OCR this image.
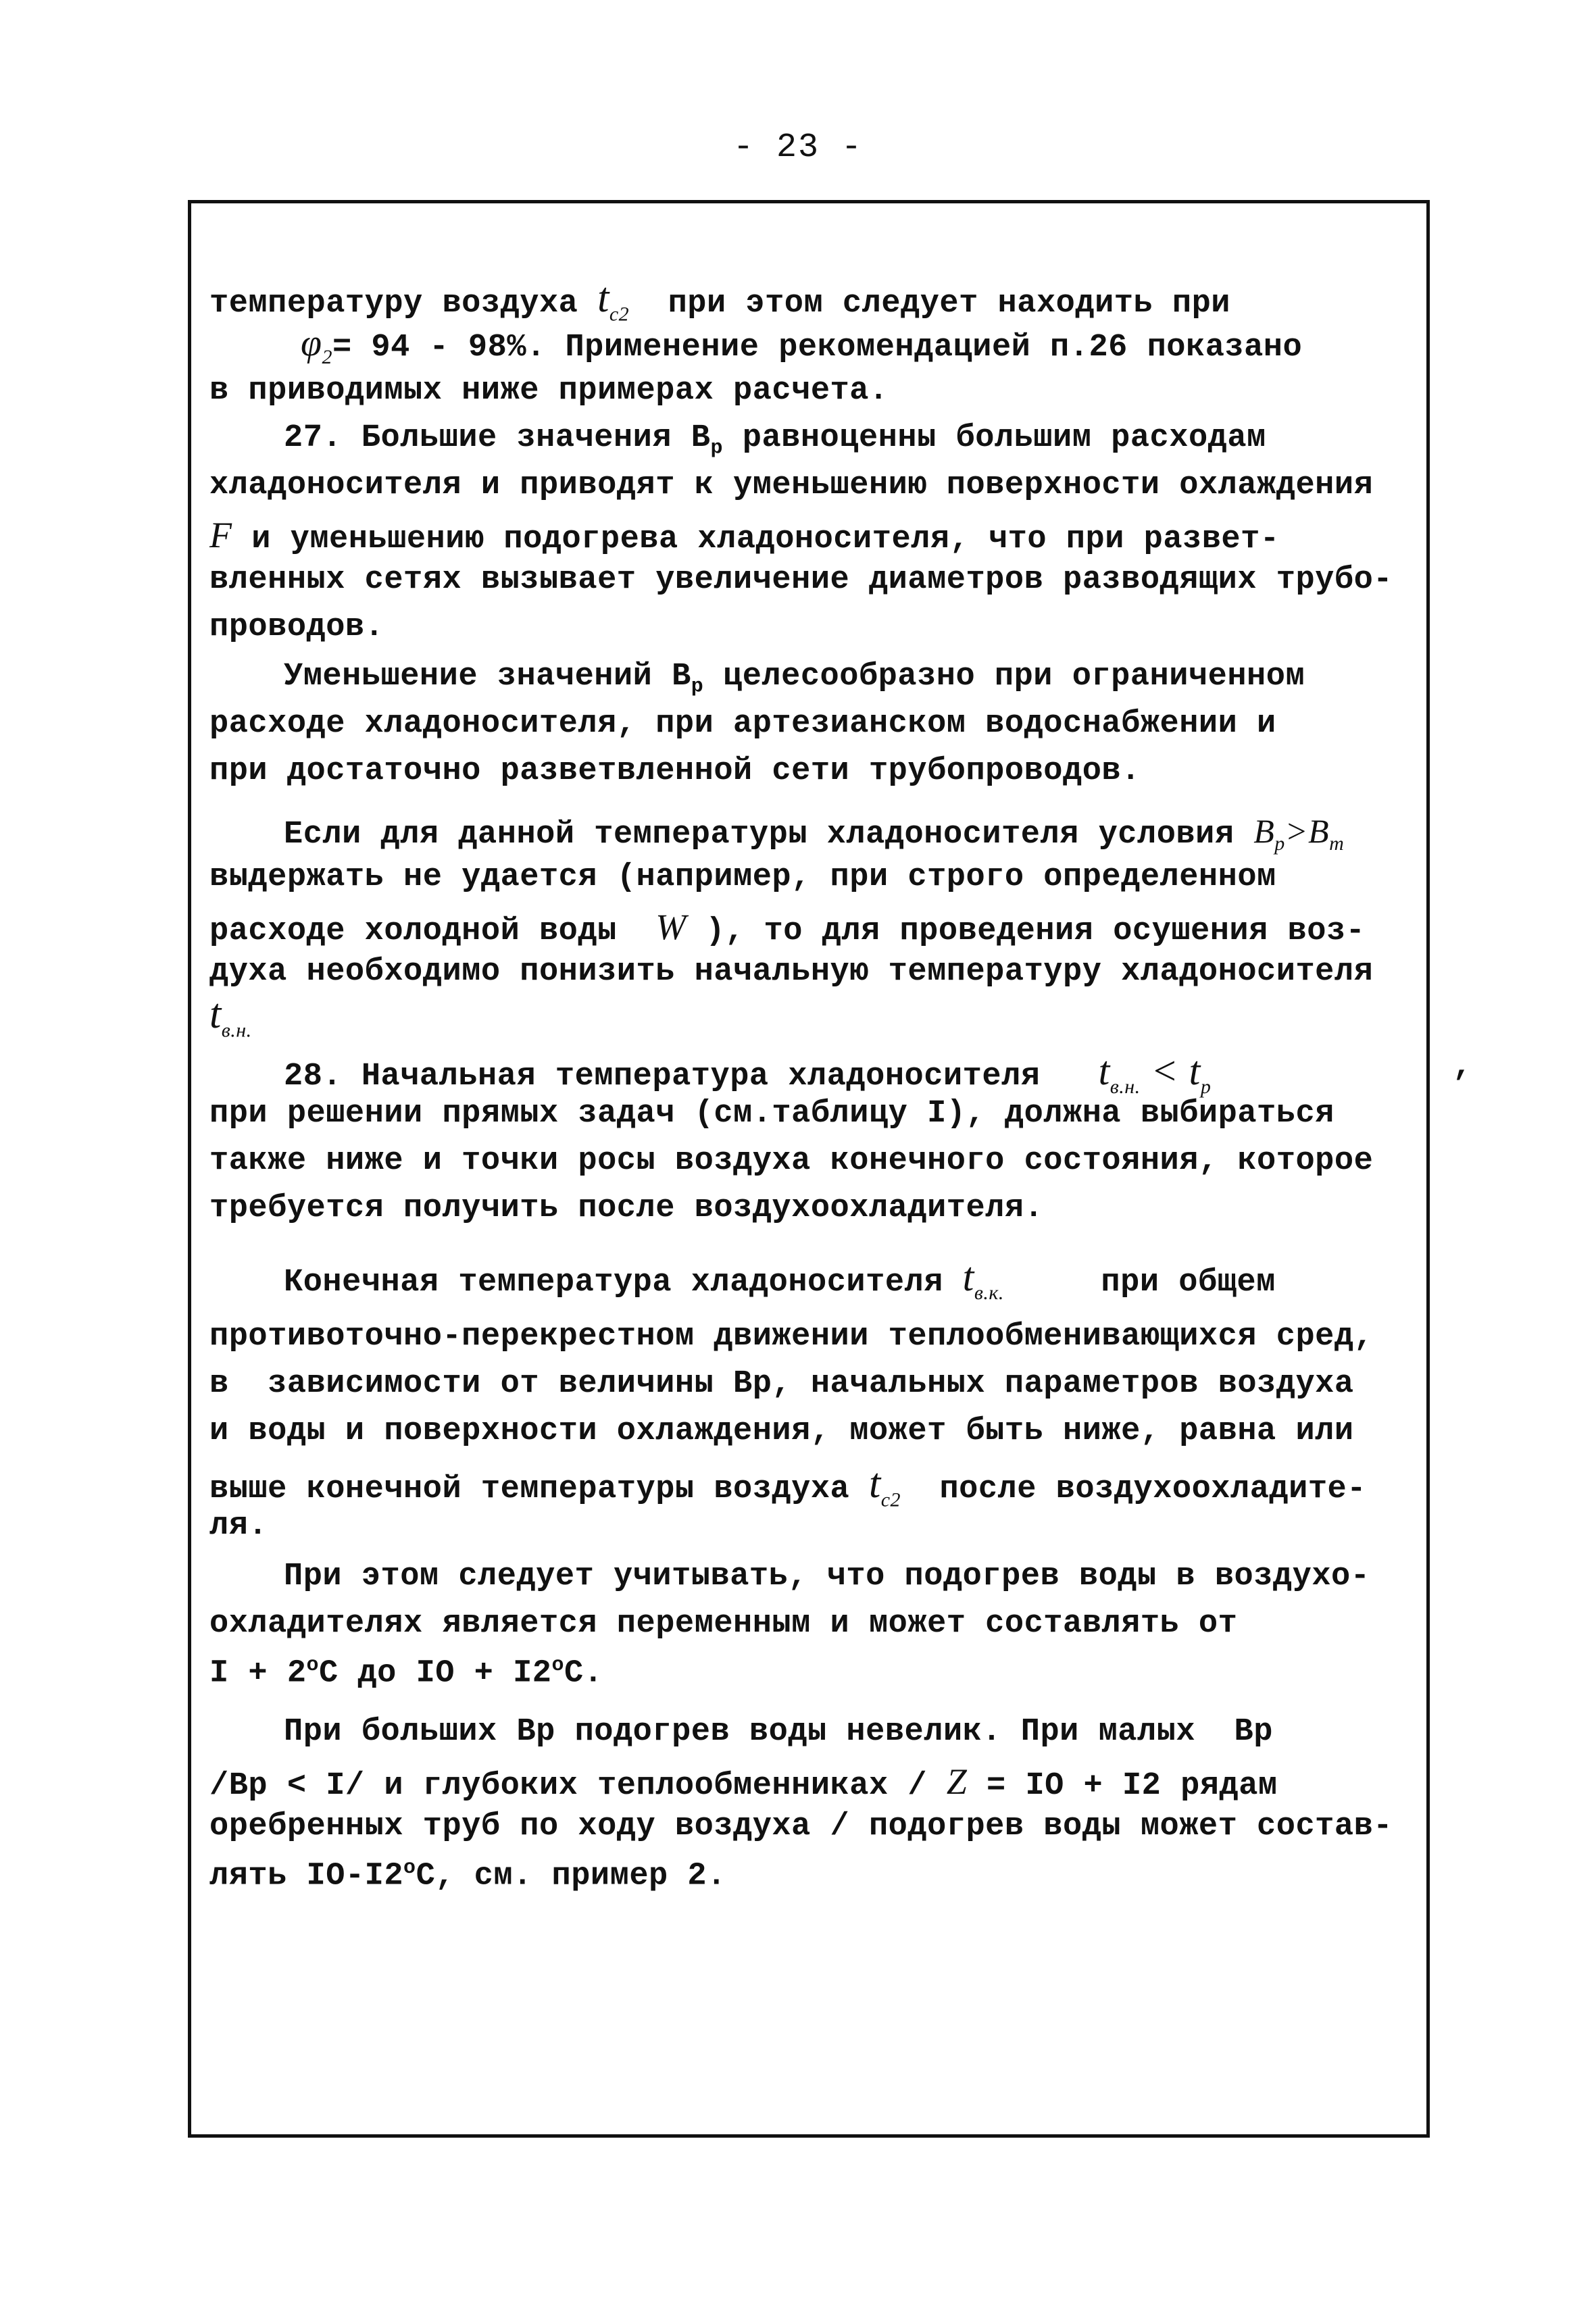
- 23 -
температуру воздуха $t_{c2}$  при этом следует находить при
$\varphi_2= 94 - 98\%$. Применение рекомендацией п.26 показано
в приводимых ниже примерах расчета.
27. Большие значения $В_р$ равноценны большим расходам
хладоносителя и приводят к уменьшению поверхности охлаждения
F и уменьшению подогрева хладоносителя, что при развет-
вленных сетях вызывает увеличение диаметров разводящих трубо-
проводов.
Уменьшение значений $В_р$ целесообразно при ограниченном
расходе хладоносителя, при артезианском водоснабжении и
при достаточно разветвленной сети трубопроводов.
Если для данной температуры хладоносителя условия $B_р>B_т$
выдержать не удается (например, при строго определенном
расходе холодной воды  W ), то для проведения осушения воз-
духа необходимо понизить начальную температуру хладоносителя
$t_{в.н.}$
28. Начальная температура хладоносителя   $t_{в.н.} < t_р$
,
при решении прямых задач (см.таблицу I), должна выбираться
также ниже и точки росы воздуха конечного состояния, которое
требуется получить после воздухоохладителя.
Конечная температура хладоносителя $t_{в.к.}$     при общем
противоточно-перекрестном движении теплообменивающихся сред,
в  зависимости от величины Вр, начальных параметров воздуха
и воды и поверхности охлаждения, может быть ниже, равна или
выше конечной температуры воздуха $t_{c2}$  после воздухоохладите-
ля.
При этом следует учитывать, что подогрев воды в воздухо-
охладителях является переменным и может составлять от
$I + 2^оС$ до IO + $I2^оС$.
При больших Вр подогрев воды невелик. При малых  Вр
/Вр < I/ и глубоких теплообменниках / Z = IO + I2 рядам
оребренных труб по ходу воздуха / подогрев воды может состав-
лять $IO-I2^оС$, см. пример 2.
